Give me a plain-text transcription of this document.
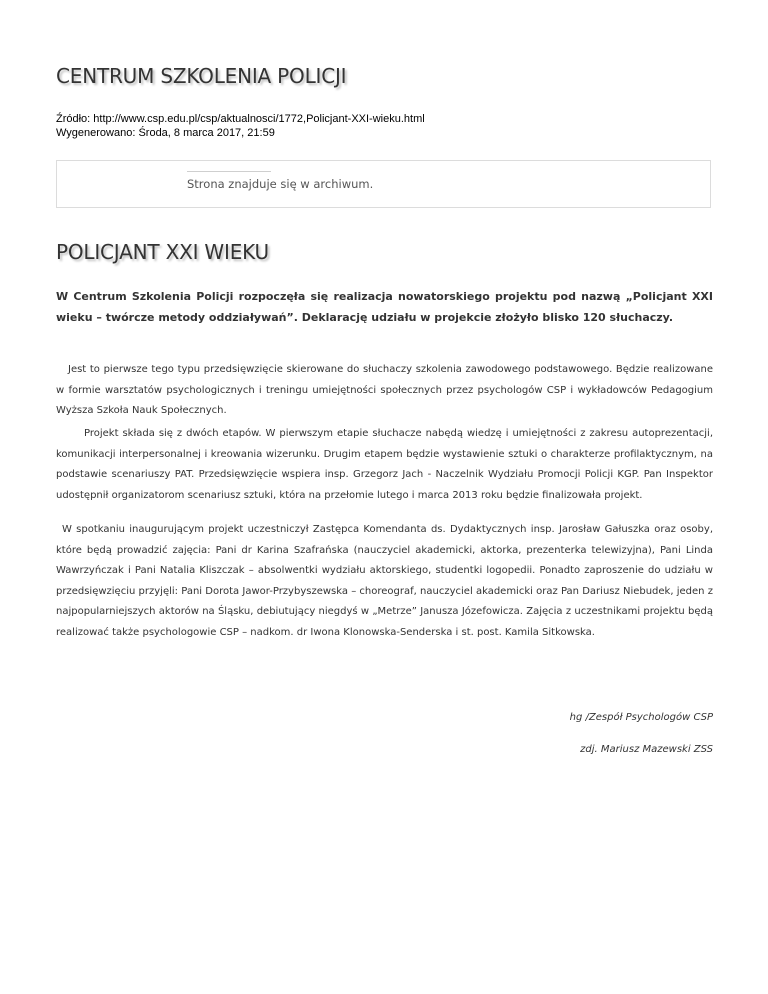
CENTRUM SZKOLENIA POLICJI
Źródło: http://www.csp.edu.pl/csp/aktualnosci/1772,Policjant-XXI-wieku.html
Wygenerowano: Środa, 8 marca 2017, 21:59
Strona znajduje się w archiwum.
POLICJANT XXI WIEKU

W Centrum Szkolenia Policji rozpoczęła się realizacja nowatorskiego projektu pod nazwą „Policjant XXI wieku – twórcze metody oddziaływań”. Deklarację udziału w projekcie złożyło blisko 120 słuchaczy.

Jest to pierwsze tego typu przedsięwzięcie skierowane do słuchaczy szkolenia zawodowego podstawowego. Będzie realizowane w formie warsztatów psychologicznych i treningu umiejętności społecznych przez psychologów CSP i wykładowców Pedagogium Wyższa Szkoła Nauk Społecznych.

Projekt składa się z dwóch etapów. W pierwszym etapie słuchacze nabędą wiedzę i umiejętności z zakresu autoprezentacji, komunikacji interpersonalnej i kreowania wizerunku. Drugim etapem będzie wystawienie sztuki o charakterze profilaktycznym, na podstawie scenariuszy PAT. Przedsięwzięcie wspiera insp. Grzegorz Jach - Naczelnik Wydziału Promocji Policji KGP. Pan Inspektor udostępnił organizatorom scenariusz sztuki, która na przełomie lutego i marca 2013 roku będzie finalizowała projekt.

W spotkaniu inaugurującym projekt uczestniczył Zastępca Komendanta ds. Dydaktycznych insp. Jarosław Gałuszka oraz osoby, które będą prowadzić zajęcia: Pani dr Karina Szafrańska (nauczyciel akademicki, aktorka, prezenterka telewizyjna), Pani Linda Wawrzyńczak i Pani Natalia Kliszczak – absolwentki wydziału aktorskiego, studentki logopedii. Ponadto zaproszenie do udziału w przedsięwzięciu przyjęli: Pani Dorota Jawor-Przybyszewska – choreograf, nauczyciel akademicki oraz Pan Dariusz Niebudek, jeden z najpopularniejszych aktorów na Śląsku, debiutujący niegdyś w „Metrze” Janusza Józefowicza. Zajęcia z uczestnikami projektu będą realizować także psychologowie CSP – nadkom. dr Iwona Klonowska-Senderska i st. post. Kamila Sitkowska.

hg /Zespół Psychologów CSP

zdj. Mariusz Mazewski ZSS
